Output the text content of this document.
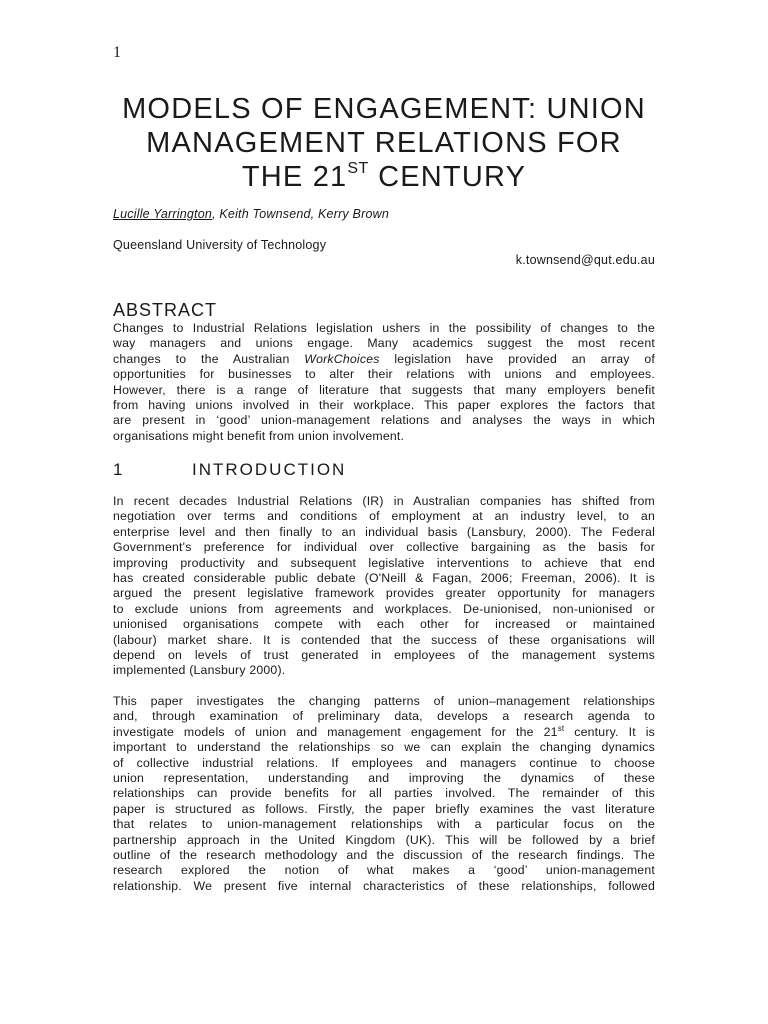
1
MODELS OF ENGAGEMENT: UNION
MANAGEMENT RELATIONS FOR
THE 21ST CENTURY
Lucille Yarrington, Keith Townsend, Kerry Brown
Queensland University of Technology
k.townsend@qut.edu.au
ABSTRACT
Changes to Industrial Relations legislation ushers in the possibility of changes to the
way managers and unions engage. Many academics suggest the most recent
changes to the Australian WorkChoices legislation have provided an array of
opportunities for businesses to alter their relations with unions and employees.
However, there is a range of literature that suggests that many employers benefit
from having unions involved in their workplace. This paper explores the factors that
are present in ‘good’ union-management relations and analyses the ways in which
organisations might benefit from union involvement.
1	INTRODUCTION
In recent decades Industrial Relations (IR) in Australian companies has shifted from
negotiation over terms and conditions of employment at an industry level, to an
enterprise level and then finally to an individual basis (Lansbury, 2000). The Federal
Government's preference for individual over collective bargaining as the basis for
improving productivity and subsequent legislative interventions to achieve that end
has created considerable public debate (O'Neill & Fagan, 2006; Freeman, 2006). It is
argued the present legislative framework provides greater opportunity for managers
to exclude unions from agreements and workplaces. De-unionised, non-unionised or
unionised organisations compete with each other for increased or maintained
(labour) market share. It is contended that the success of these organisations will
depend on levels of trust generated in employees of the management systems
implemented (Lansbury 2000).
This paper investigates the changing patterns of union–management relationships
and, through examination of preliminary data, develops a research agenda to
investigate models of union and management engagement for the 21st century. It is
important to understand the relationships so we can explain the changing dynamics
of collective industrial relations. If employees and managers continue to choose
union representation, understanding and improving the dynamics of these
relationships can provide benefits for all parties involved. The remainder of this
paper is structured as follows. Firstly, the paper briefly examines the vast literature
that relates to union-management relationships with a particular focus on the
partnership approach in the United Kingdom (UK). This will be followed by a brief
outline of the research methodology and the discussion of the research findings. The
research explored the notion of what makes a ‘good’ union-management
relationship. We present five internal characteristics of these relationships, followed
